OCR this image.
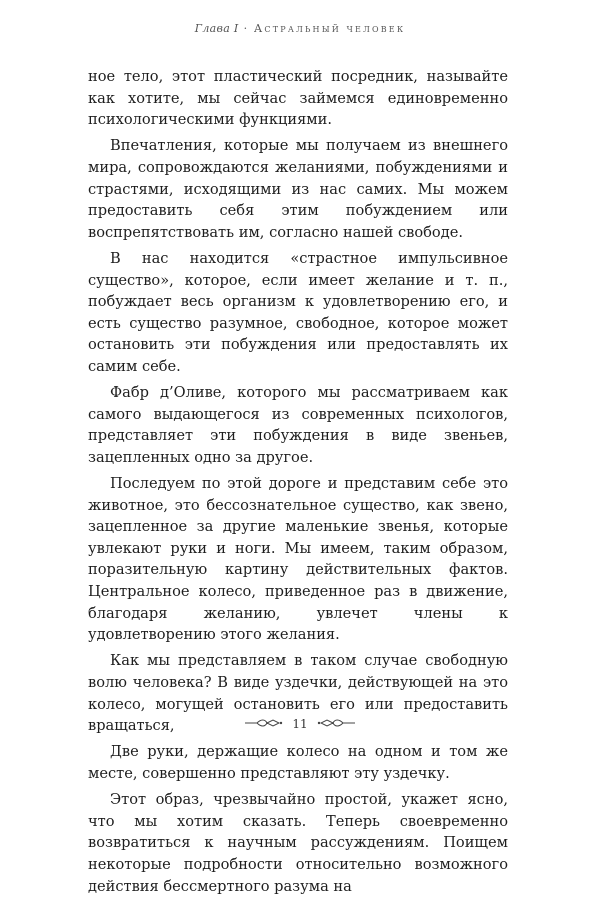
Глава I · Астральный человек

ное тело, этот пластический посредник, называйте как хотите, мы сейчас займемся единовременно психологическими функциями.

Впечатления, которые мы получаем из внешнего мира, сопровождаются желаниями, побуждениями и страстями, исходящими из нас самих. Мы можем предоставить себя этим побуждением или воспрепятствовать им, согласно нашей свободе.

В нас находится «страстное импульсивное существо», которое, если имеет желание и т. п., побуждает весь организм к удовлетворению его, и есть существо разумное, свободное, которое может остановить эти побуждения или предоставлять их самим себе.

Фабр д’Оливе, которого мы рассматриваем как самого выдающегося из современных психологов, представляет эти побуждения в виде звеньев, зацепленных одно за другое.

Последуем по этой дороге и представим себе это животное, это бессознательное существо, как звено, зацепленное за другие маленькие звенья, которые увлекают руки и ноги. Мы имеем, таким образом, поразительную картину действительных фактов. Центральное колесо, приведенное раз в движение, благодаря желанию, увлечет члены к удовлетворению этого желания.

Как мы представляем в таком случае свободную волю человека? В виде уздечки, действующей на это колесо, могущей остановить его или предоставить вращаться,

Две руки, держащие колесо на одном и том же месте, совершенно представляют эту уздечку.

Этот образ, чрезвычайно простой, укажет ясно, что мы хотим сказать. Теперь своевременно возвратиться к научным рассуждениям. Поищем некоторые подробности относительно возможного действия бессмертного разума на

11
